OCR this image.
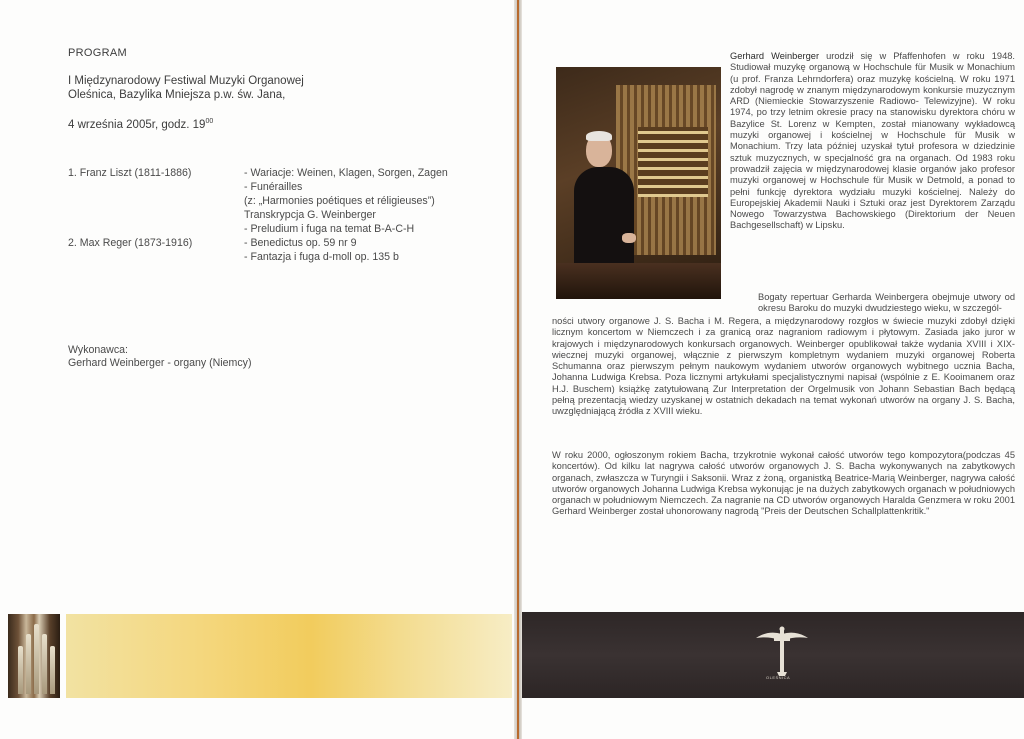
PROGRAM
I Międzynarodowy Festiwal Muzyki Organowej
Oleśnica, Bazylika Mniejsza p.w. św. Jana,
4 września 2005r, godz. $19^{00}$
1. Franz Liszt (1811-1886)	- Wariacje: Weinen, Klagen, Sorgen, Zagen
- Funérailles
(z: „Harmonies poétiques et réligieuses”)
Transkrypcja G. Weinberger
- Preludium i fuga na temat B-A-C-H
2. Max Reger (1873-1916)	- Benedictus op. 59 nr 9
- Fantazja i fuga d-moll op. 135 b
Wykonawca:
Gerhard Weinberger - organy (Niemcy)
Gerhard Weinberger urodził się w Pfaffenhofen w roku 1948. Studiował muzykę organową w Hochschule für Musik w Monachium (u prof. Franza Lehrndorfera) oraz muzykę kościelną. W roku 1971 zdobył nagrodę w znanym międzynarodowym konkursie muzycznym ARD (Niemieckie Stowarzyszenie Radiowo- Telewizyjne). W roku 1974, po trzy letnim okresie pracy na stanowisku dyrektora chóru w Bazylice St. Lorenz w Kempten, został mianowany wykładowcą muzyki organowej i kościelnej w Hochschule für Musik w Monachium. Trzy lata później uzyskał tytuł profesora w dziedzinie sztuk muzycznych, w specjalność gra na organach. Od 1983 roku prowadził zajęcia w międzynarodowej klasie organów jako profesor muzyki organowej w Hochschule für Musik w Detmold, a ponad to pełni funkcję dyrektora wydziału muzyki kościelnej. Należy do Europejskiej Akademii Nauki i Sztuki oraz jest Dyrektorem Zarządu Nowego Towarzystwa Bachowskiego (Direktorium der Neuen Bachgesellschaft) w Lipsku.
Bogaty repertuar Gerharda Weinbergera obejmuje utwory od okresu Baroku do muzyki dwudziestego wieku, w szczegól-
ności utwory organowe J. S. Bacha i M. Regera, a międzynarodowy rozgłos w świecie muzyki zdobył dzięki licznym koncertom w Niemczech i za granicą oraz nagraniom radiowym i płytowym. Zasiada jako juror w krajowych i międzynarodowych konkursach organowych. Weinberger opublikował także wydania XVIII i XIX-wiecznej muzyki organowej, włącznie z pierwszym kompletnym wydaniem muzyki organowej Roberta Schumanna oraz pierwszym pełnym naukowym wydaniem utworów organowych wybitnego ucznia Bacha, Johanna Ludwiga Krebsa. Poza licznymi artykułami specjalistycznymi napisał (wspólnie z E. Kooimanem oraz H.J. Buschem) książkę zatytułowaną Zur Interpretation der Orgelmusik von Johann Sebastian Bach będącą pełną prezentacją wiedzy uzyskanej w ostatnich dekadach na temat wykonań utworów na organy J. S. Bacha, uwzględniającą źródła z XVIII wieku.
W roku 2000, ogłoszonym rokiem Bacha, trzykrotnie wykonał całość utworów tego kompozytora(podczas 45 koncertów). Od kilku lat nagrywa całość utworów organowych J. S. Bacha wykonywanych na zabytkowych organach, zwłaszcza w Turyngii i Saksonii. Wraz z żoną, organistką Beatrice-Marią Weinberger, nagrywa całość utworów organowych Johanna Ludwiga Krebsa wykonując je na dużych zabytkowych organach w południowych organach w południowym Niemczech. Za nagranie na CD utworów organowych Haralda Genzmera w roku 2001 Gerhard Weinberger został uhonorowany nagrodą "Preis der Deutschen Schallplattenkritik."
OLEŚNICA
